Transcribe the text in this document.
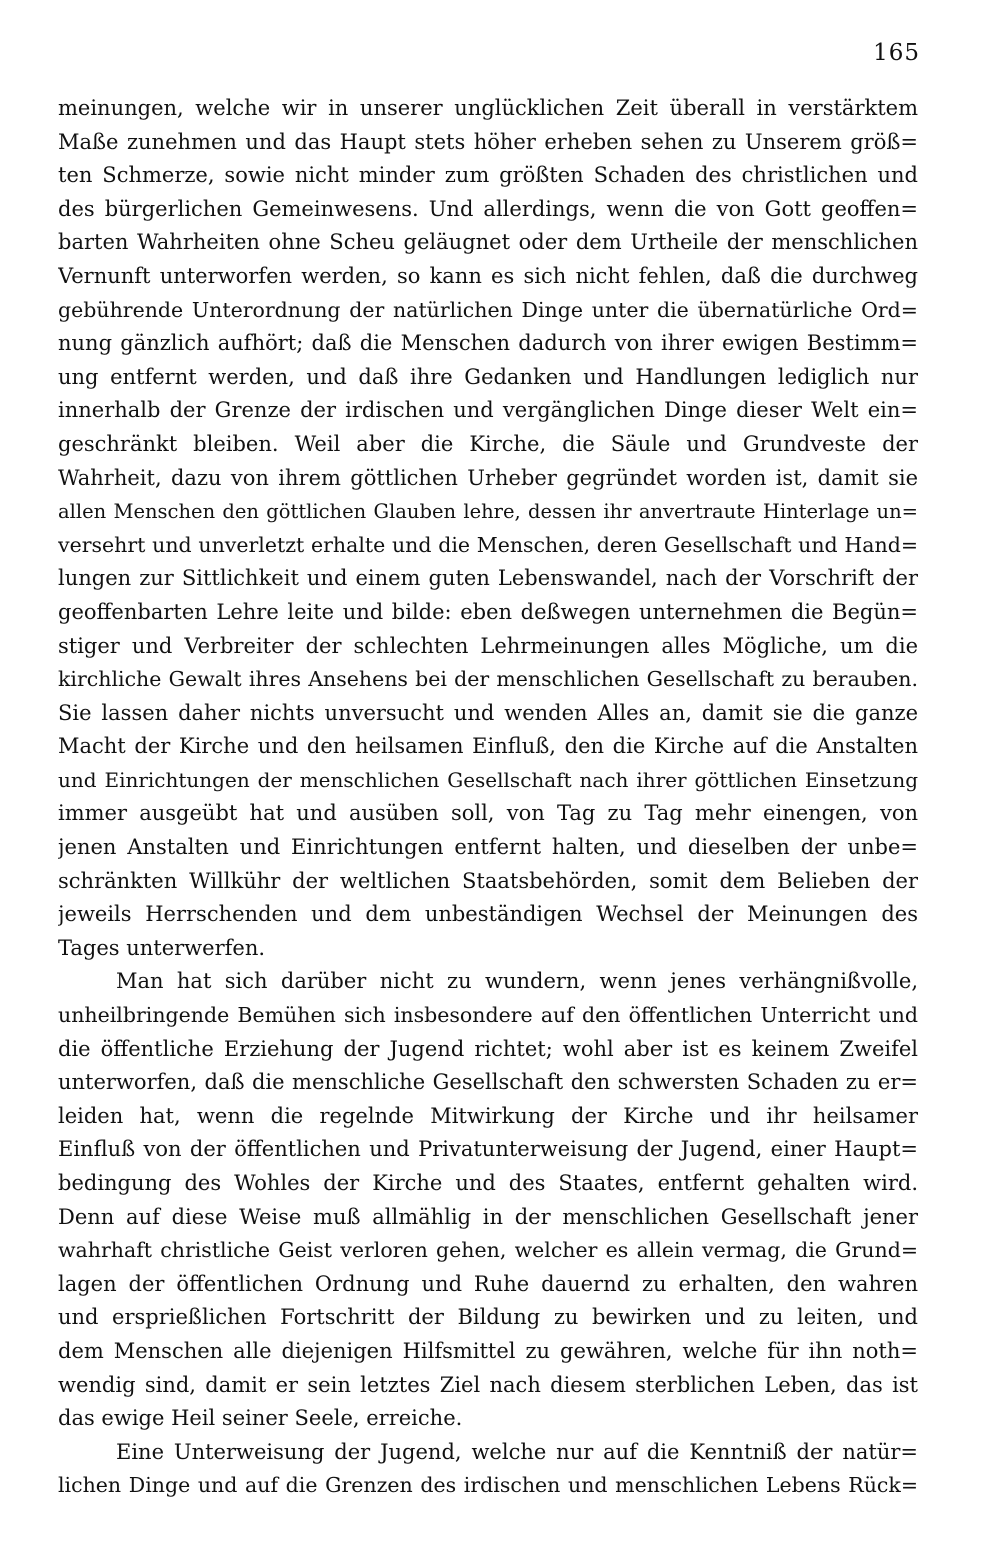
165
meinungen, welche wir in unserer unglücklichen Zeit überall in verstärktem
Maße zunehmen und das Haupt stets höher erheben sehen zu Unserem größ=
ten Schmerze, sowie nicht minder zum größten Schaden des christlichen und
des bürgerlichen Gemeinwesens. Und allerdings, wenn die von Gott geoffen=
barten Wahrheiten ohne Scheu geläugnet oder dem Urtheile der menschlichen
Vernunft unterworfen werden, so kann es sich nicht fehlen, daß die durchweg
gebührende Unterordnung der natürlichen Dinge unter die übernatürliche Ord=
nung gänzlich aufhört; daß die Menschen dadurch von ihrer ewigen Bestimm=
ung entfernt werden, und daß ihre Gedanken und Handlungen lediglich nur
innerhalb der Grenze der irdischen und vergänglichen Dinge dieser Welt ein=
geschränkt bleiben. Weil aber die Kirche, die Säule und Grundveste der
Wahrheit, dazu von ihrem göttlichen Urheber gegründet worden ist, damit sie
allen Menschen den göttlichen Glauben lehre, dessen ihr anvertraute Hinterlage un=
versehrt und unverletzt erhalte und die Menschen, deren Gesellschaft und Hand=
lungen zur Sittlichkeit und einem guten Lebenswandel, nach der Vorschrift der
geoffenbarten Lehre leite und bilde: eben deßwegen unternehmen die Begün=
stiger und Verbreiter der schlechten Lehrmeinungen alles Mögliche, um die
kirchliche Gewalt ihres Ansehens bei der menschlichen Gesellschaft zu berauben.
Sie lassen daher nichts unversucht und wenden Alles an, damit sie die ganze
Macht der Kirche und den heilsamen Einfluß, den die Kirche auf die Anstalten
und Einrichtungen der menschlichen Gesellschaft nach ihrer göttlichen Einsetzung
immer ausgeübt hat und ausüben soll, von Tag zu Tag mehr einengen, von
jenen Anstalten und Einrichtungen entfernt halten, und dieselben der unbe=
schränkten Willkühr der weltlichen Staatsbehörden, somit dem Belieben der
jeweils Herrschenden und dem unbeständigen Wechsel der Meinungen des
Tages unterwerfen.
Man hat sich darüber nicht zu wundern, wenn jenes verhängnißvolle,
unheilbringende Bemühen sich insbesondere auf den öffentlichen Unterricht und
die öffentliche Erziehung der Jugend richtet; wohl aber ist es keinem Zweifel
unterworfen, daß die menschliche Gesellschaft den schwersten Schaden zu er=
leiden hat, wenn die regelnde Mitwirkung der Kirche und ihr heilsamer
Einfluß von der öffentlichen und Privatunterweisung der Jugend, einer Haupt=
bedingung des Wohles der Kirche und des Staates, entfernt gehalten wird.
Denn auf diese Weise muß allmählig in der menschlichen Gesellschaft jener
wahrhaft christliche Geist verloren gehen, welcher es allein vermag, die Grund=
lagen der öffentlichen Ordnung und Ruhe dauernd zu erhalten, den wahren
und ersprießlichen Fortschritt der Bildung zu bewirken und zu leiten, und
dem Menschen alle diejenigen Hilfsmittel zu gewähren, welche für ihn noth=
wendig sind, damit er sein letztes Ziel nach diesem sterblichen Leben, das ist
das ewige Heil seiner Seele, erreiche.
Eine Unterweisung der Jugend, welche nur auf die Kenntniß der natür=
lichen Dinge und auf die Grenzen des irdischen und menschlichen Lebens Rück=
